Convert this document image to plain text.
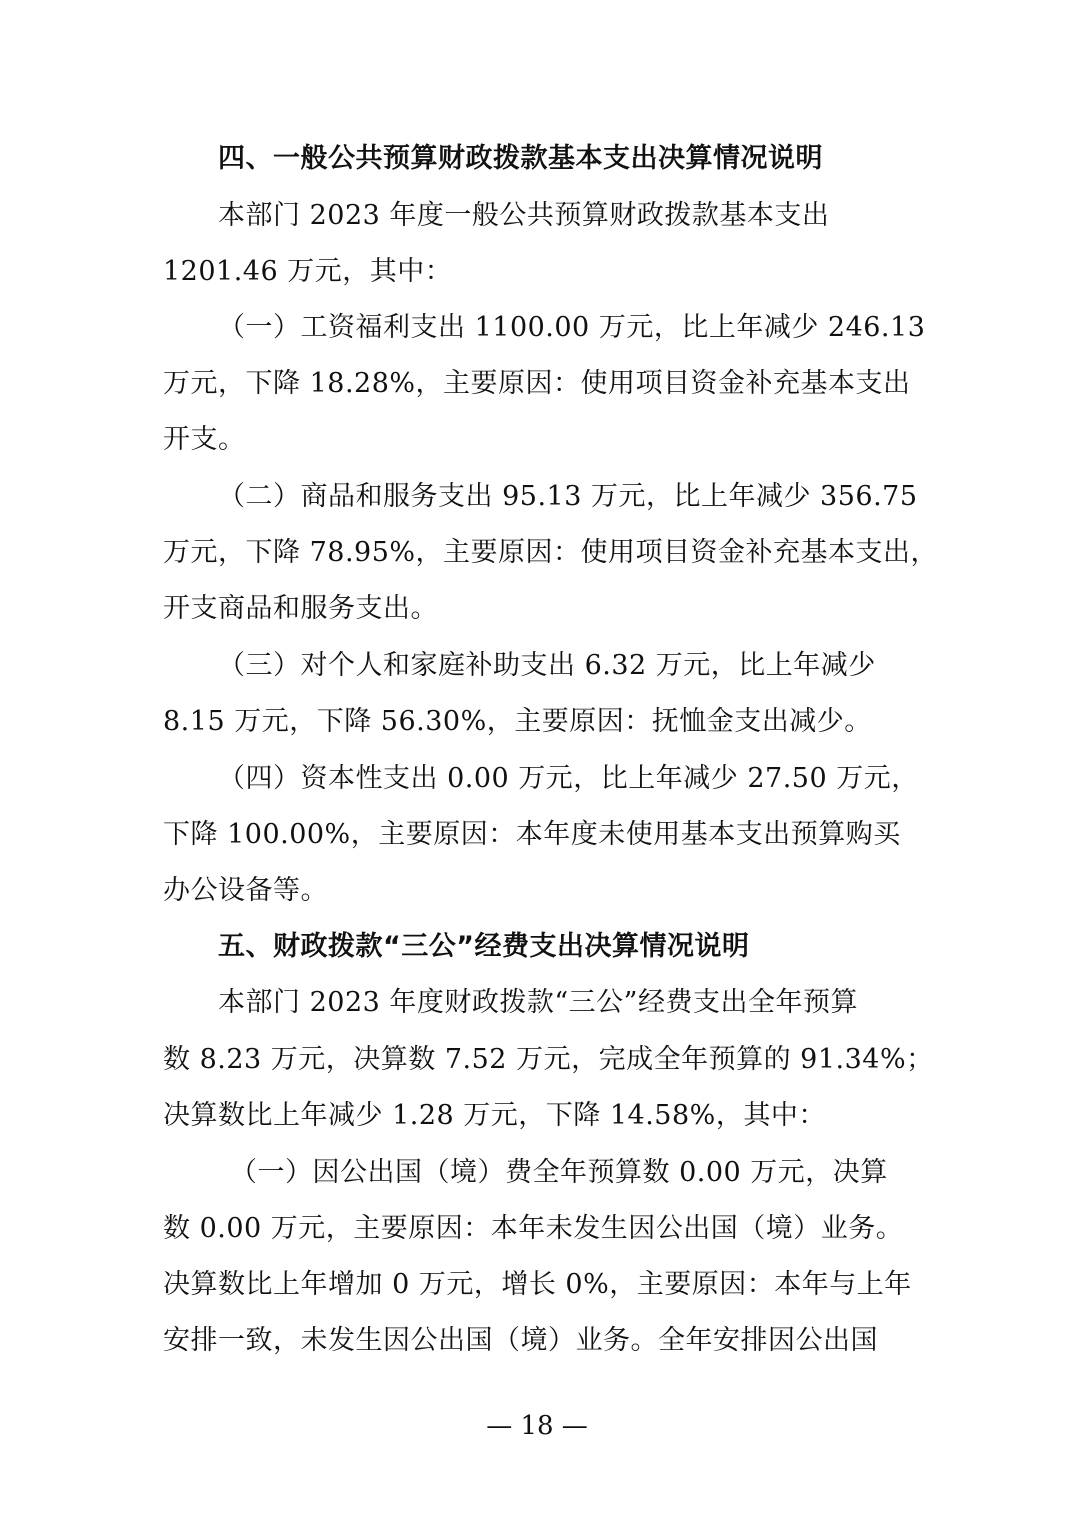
四、一般公共预算财政拨款基本支出决算情况说明
本部门 2023 年度一般公共预算财政拨款基本支出
1201.46 万元，其中：
（一）工资福利支出 1100.00 万元，比上年减少 246.13
万元，下降 18.28%，主要原因：使用项目资金补充基本支出
开支。
（二）商品和服务支出 95.13 万元，比上年减少 356.75
万元，下降 78.95%，主要原因：使用项目资金补充基本支出，
开支商品和服务支出。
（三）对个人和家庭补助支出 6.32 万元，比上年减少
8.15 万元，下降 56.30%，主要原因：抚恤金支出减少。
（四）资本性支出 0.00 万元，比上年减少 27.50 万元，
下降 100.00%，主要原因：本年度未使用基本支出预算购买
办公设备等。
五、财政拨款“三公”经费支出决算情况说明
本部门 2023 年度财政拨款“三公”经费支出全年预算
数 8.23 万元，决算数 7.52 万元，完成全年预算的 91.34%；
决算数比上年减少 1.28 万元，下降 14.58%，其中：
（一）因公出国（境）费全年预算数 0.00 万元，决算
数 0.00 万元，主要原因：本年未发生因公出国（境）业务。
决算数比上年增加 0 万元，增长 0%，主要原因：本年与上年
安排一致，未发生因公出国（境）业务。全年安排因公出国
— 18 —
